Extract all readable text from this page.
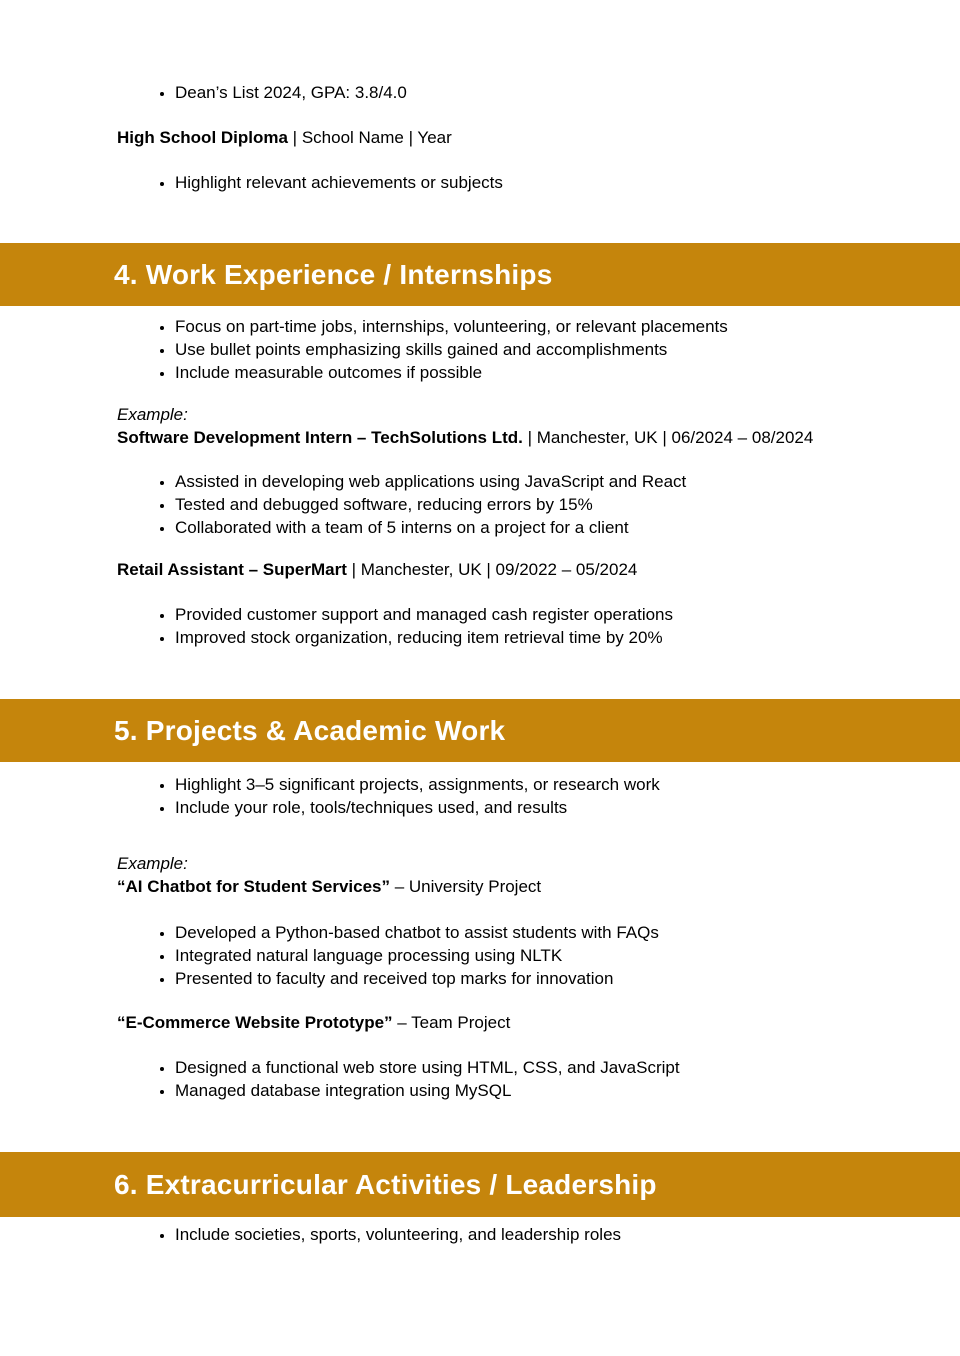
• Dean’s List 2024, GPA: 3.8/4.0

High School Diploma | School Name | Year

• Highlight relevant achievements or subjects
4. Work Experience / Internships
• Focus on part-time jobs, internships, volunteering, or relevant placements
• Use bullet points emphasizing skills gained and accomplishments
• Include measurable outcomes if possible

Example:

Software Development Intern – TechSolutions Ltd. | Manchester, UK | 06/2024 – 08/2024

• Assisted in developing web applications using JavaScript and React
• Tested and debugged software, reducing errors by 15%
• Collaborated with a team of 5 interns on a project for a client

Retail Assistant – SuperMart | Manchester, UK | 09/2022 – 05/2024

• Provided customer support and managed cash register operations
• Improved stock organization, reducing item retrieval time by 20%
5. Projects & Academic Work
• Highlight 3–5 significant projects, assignments, or research work
• Include your role, tools/techniques used, and results

Example:

“AI Chatbot for Student Services” – University Project

• Developed a Python-based chatbot to assist students with FAQs
• Integrated natural language processing using NLTK
• Presented to faculty and received top marks for innovation

“E-Commerce Website Prototype” – Team Project

• Designed a functional web store using HTML, CSS, and JavaScript
• Managed database integration using MySQL
6. Extracurricular Activities / Leadership
• Include societies, sports, volunteering, and leadership roles
